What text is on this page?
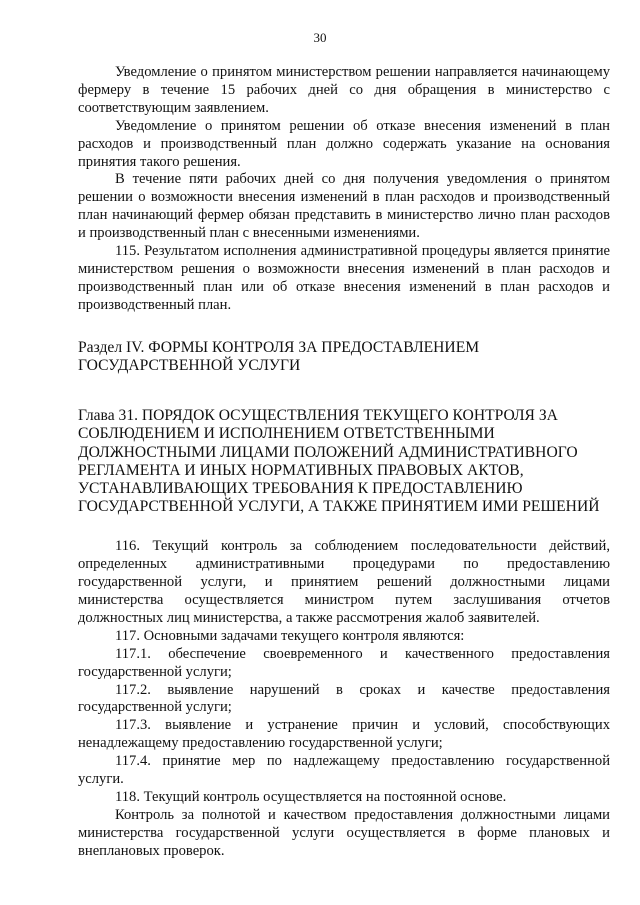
30

Уведомление о принятом министерством решении направляется начинающему фермеру в течение 15 рабочих дней со дня обращения в министерство с соответствующим заявлением.

Уведомление о принятом решении об отказе внесения изменений в план расходов и производственный план должно содержать указание на основания принятия такого решения.

В течение пяти рабочих дней со дня получения уведомления о принятом решении о возможности внесения изменений в план расходов и производственный план начинающий фермер обязан представить в министерство лично план расходов и производственный план с внесенными изменениями.

115. Результатом исполнения административной процедуры является принятие министерством решения о возможности внесения изменений в план расходов и производственный план или об отказе внесения изменений в план расходов и производственный план.

Раздел IV. ФОРМЫ КОНТРОЛЯ ЗА ПРЕДОСТАВЛЕНИЕМ

ГОСУДАРСТВЕННОЙ УСЛУГИ

Глава 31. ПОРЯДОК ОСУЩЕСТВЛЕНИЯ ТЕКУЩЕГО КОНТРОЛЯ ЗА

СОБЛЮДЕНИЕМ И ИСПОЛНЕНИЕМ ОТВЕТСТВЕННЫМИ

ДОЛЖНОСТНЫМИ ЛИЦАМИ ПОЛОЖЕНИЙ АДМИНИСТРАТИВНОГО

РЕГЛАМЕНТА И ИНЫХ НОРМАТИВНЫХ ПРАВОВЫХ АКТОВ,

УСТАНАВЛИВАЮЩИХ ТРЕБОВАНИЯ К ПРЕДОСТАВЛЕНИЮ

ГОСУДАРСТВЕННОЙ УСЛУГИ, А ТАКЖЕ ПРИНЯТИЕМ ИМИ РЕШЕНИЙ

116. Текущий контроль за соблюдением последовательности действий, определенных административными процедурами по предоставлению государственной услуги, и принятием решений должностными лицами министерства осуществляется министром путем заслушивания отчетов должностных лиц министерства, а также рассмотрения жалоб заявителей.

117. Основными задачами текущего контроля являются:

117.1. обеспечение своевременного и качественного предоставления государственной услуги;

117.2. выявление нарушений в сроках и качестве предоставления государственной услуги;

117.3. выявление и устранение причин и условий, способствующих ненадлежащему предоставлению государственной услуги;

117.4. принятие мер по надлежащему предоставлению государственной услуги.

118. Текущий контроль осуществляется на постоянной основе.

Контроль за полнотой и качеством предоставления должностными лицами министерства государственной услуги осуществляется в форме плановых и внеплановых проверок.
